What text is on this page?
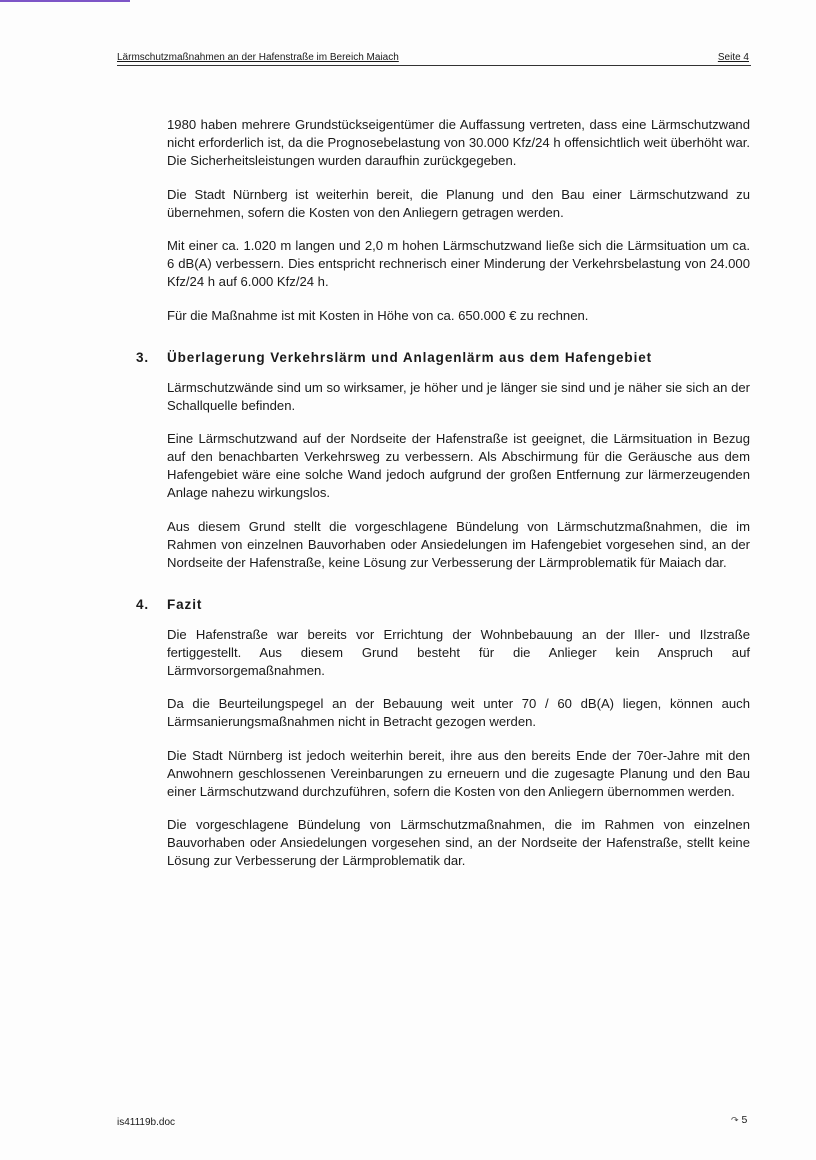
Lärmschutzmaßnahmen an der Hafenstraße im Bereich Maiach	Seite 4

1980 haben mehrere Grundstückseigentümer die Auffassung vertreten, dass eine Lärmschutzwand nicht erforderlich ist, da die Prognosebelastung von 30.000 Kfz/24 h offensichtlich weit überhöht war. Die Sicherheitsleistungen wurden daraufhin zurückgegeben.

Die Stadt Nürnberg ist weiterhin bereit, die Planung und den Bau einer Lärmschutzwand zu übernehmen, sofern die Kosten von den Anliegern getragen werden.

Mit einer ca. 1.020 m langen und 2,0 m hohen Lärmschutzwand ließe sich die Lärmsituation um ca. 6 dB(A) verbessern. Dies entspricht rechnerisch einer Minderung der Verkehrsbelastung von 24.000 Kfz/24 h auf 6.000 Kfz/24 h.

Für die Maßnahme ist mit Kosten in Höhe von ca. 650.000 € zu rechnen.

3.	Überlagerung Verkehrslärm und Anlagenlärm aus dem Hafengebiet

Lärmschutzwände sind um so wirksamer, je höher und je länger sie sind und je näher sie sich an der Schallquelle befinden.

Eine Lärmschutzwand auf der Nordseite der Hafenstraße ist geeignet, die Lärmsituation in Bezug auf den benachbarten Verkehrsweg zu verbessern. Als Abschirmung für die Geräusche aus dem Hafengebiet wäre eine solche Wand jedoch aufgrund der großen Entfernung zur lärmerzeugenden Anlage nahezu wirkungslos.

Aus diesem Grund stellt die vorgeschlagene Bündelung von Lärmschutzmaßnahmen, die im Rahmen von einzelnen Bauvorhaben oder Ansiedelungen im Hafengebiet vorgesehen sind, an der Nordseite der Hafenstraße, keine Lösung zur Verbesserung der Lärmproblematik für Maiach dar.

4.	Fazit

Die Hafenstraße war bereits vor Errichtung der Wohnbebauung an der Iller- und Ilzstraße fertiggestellt. Aus diesem Grund besteht für die Anlieger kein Anspruch auf Lärmvorsorgemaßnahmen.

Da die Beurteilungspegel an der Bebauung weit unter 70 / 60 dB(A) liegen, können auch Lärmsanierungsmaßnahmen nicht in Betracht gezogen werden.

Die Stadt Nürnberg ist jedoch weiterhin bereit, ihre aus den bereits Ende der 70er-Jahre mit den Anwohnern geschlossenen Vereinbarungen zu erneuern und die zugesagte Planung und den Bau einer Lärmschutzwand durchzuführen, sofern die Kosten von den Anliegern übernommen werden.

Die vorgeschlagene Bündelung von Lärmschutzmaßnahmen, die im Rahmen von einzelnen Bauvorhaben oder Ansiedelungen vorgesehen sind, an der Nordseite der Hafenstraße, stellt keine Lösung zur Verbesserung der Lärmproblematik dar.

is41119b.doc	↷ 5
